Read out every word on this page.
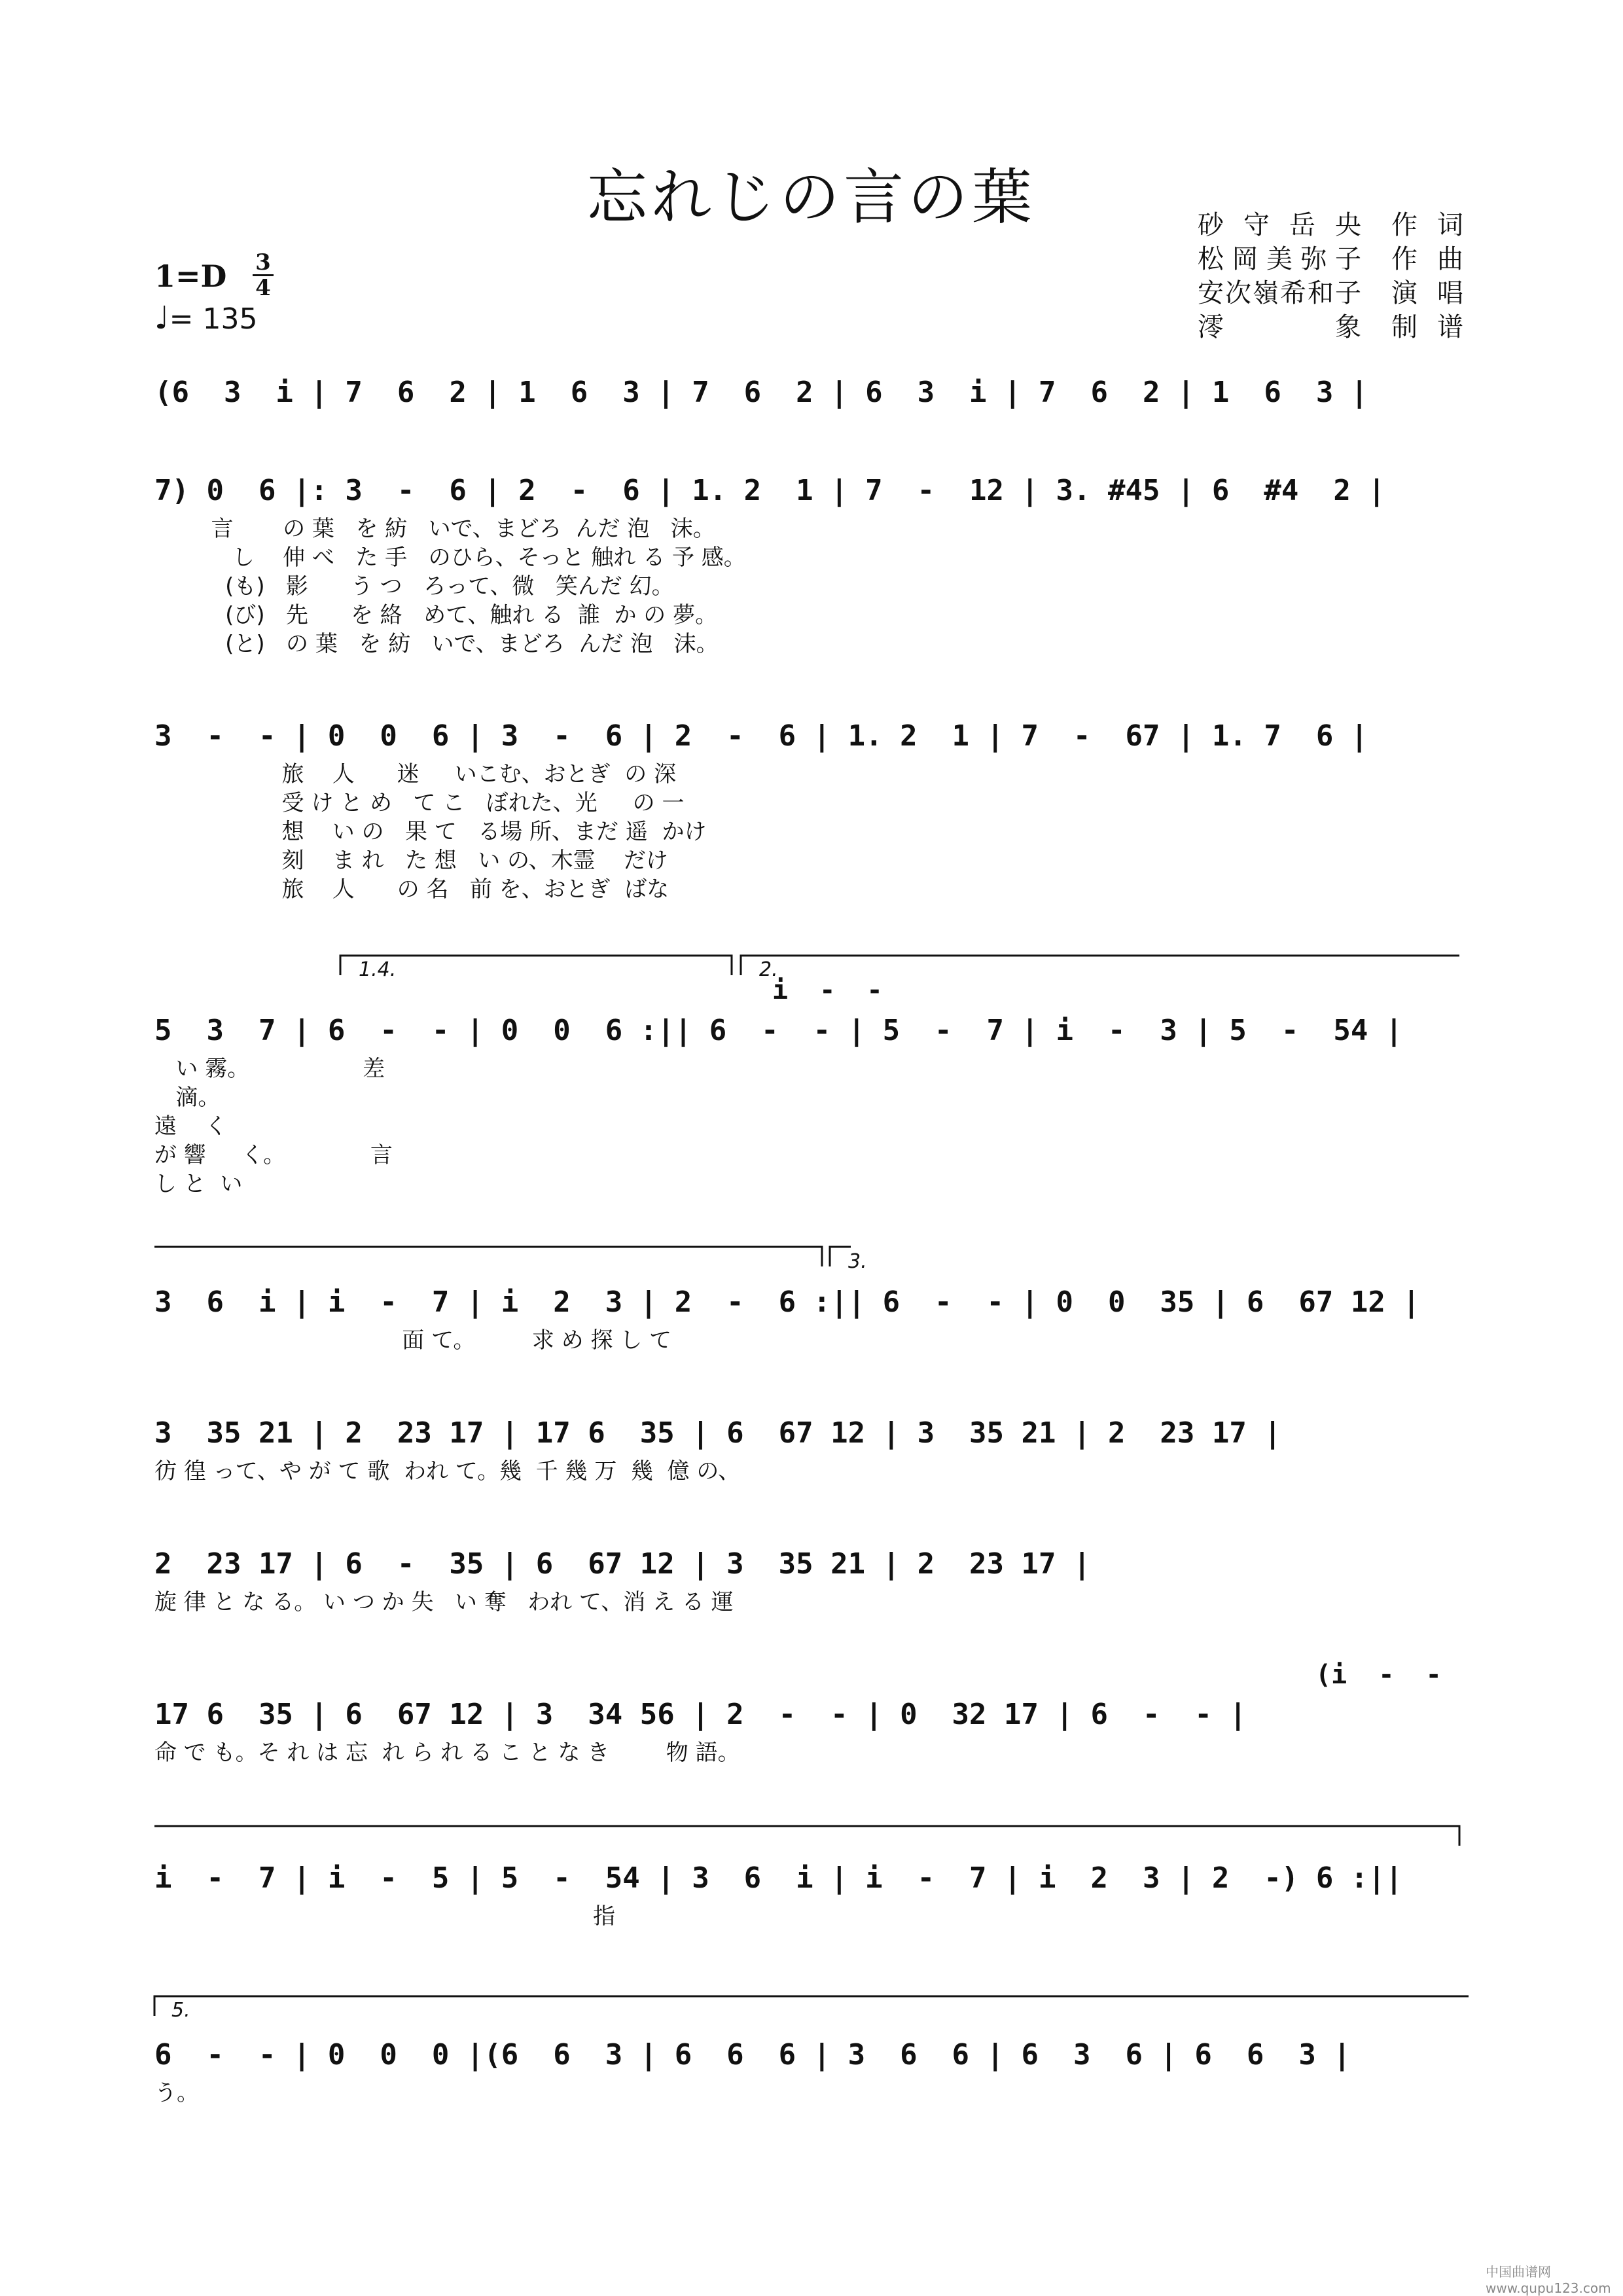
忘れじの言の葉	砂 守 岳 央 作 词
松 岡 美 弥 子 作 曲
安 次 嶺 希 和 子 演 唱
澪	象 制 谱
1=D 3
4
♩= 135
(6  3  i | 7  6  2 | 1  6  3 | 7  6  2 | 6  3  i | 7  6  2 | 1  6  3 |
7) 0  6 |: 3  -  6 | 2  -  6 | 1. 2  1 | 7  -  12 | 3. #45 | 6  #4  2 |
言       の 葉   を 紡   いで、まどろ  んだ 泡   沫。
し    伸 べ   た 手   のひら、そっと 触れ る 予 感。
(も)   影      う つ   ろって、微   笑んだ 幻。
(び)   先      を 絡   めて、触れ る  誰  か の 夢。
(と)   の 葉   を 紡   いで、まどろ  んだ 泡   沫。
3  -  - | 0  0  6 | 3  -  6 | 2  -  6 | 1. 2  1 | 7  -  67 | 1. 7  6 |
旅    人      迷     いこむ、おとぎ  の 深
受 け と め   て こ   ぼれた、光     の 一
想    い の   果 て   る場 所、まだ 遥  かけ
刻    ま れ   た 想   い の、木霊    だけ
旅    人      の 名   前 を、おとぎ  ばな
1.4.	2.
i  -  -
3.
(i  -  -
5.
5  3  7 | 6  -  - | 0  0  6 :|| 6  -  - | 5  -  7 | i  -  3 | 5  -  54 |
い 霧。                差
滴。
遠    く
が 響     く。            言
し と  い
3  6  i | i  -  7 | i  2  3 | 2  -  6 :|| 6  -  - | 0  0  35 | 6  67 12 |
面 て。        求 め 探 し て
3  35 21 | 2  23 17 | 17 6  35 | 6  67 12 | 3  35 21 | 2  23 17 |
彷 徨 って、や が て 歌  われ て。幾  千 幾 万  幾  億 の、
2  23 17 | 6  -  35 | 6  67 12 | 3  35 21 | 2  23 17 |
旋 律 と な る。 い つ か 失   い 奪   われ て、消 え る 運
17 6  35 | 6  67 12 | 3  34 56 | 2  -  - | 0  32 17 | 6  -  - |
命 で も。そ れ は 忘  れ ら れ る こ と な き        物 語。
i  -  7 | i  -  5 | 5  -  54 | 3  6  i | i  -  7 | i  2  3 | 2  -) 6 :||
指
6  -  - | 0  0  0 |(6  6  3 | 6  6  6 | 3  6  6 | 6  3  6 | 6  6  3 |
う。
中国曲谱网 www.qupu123.com
